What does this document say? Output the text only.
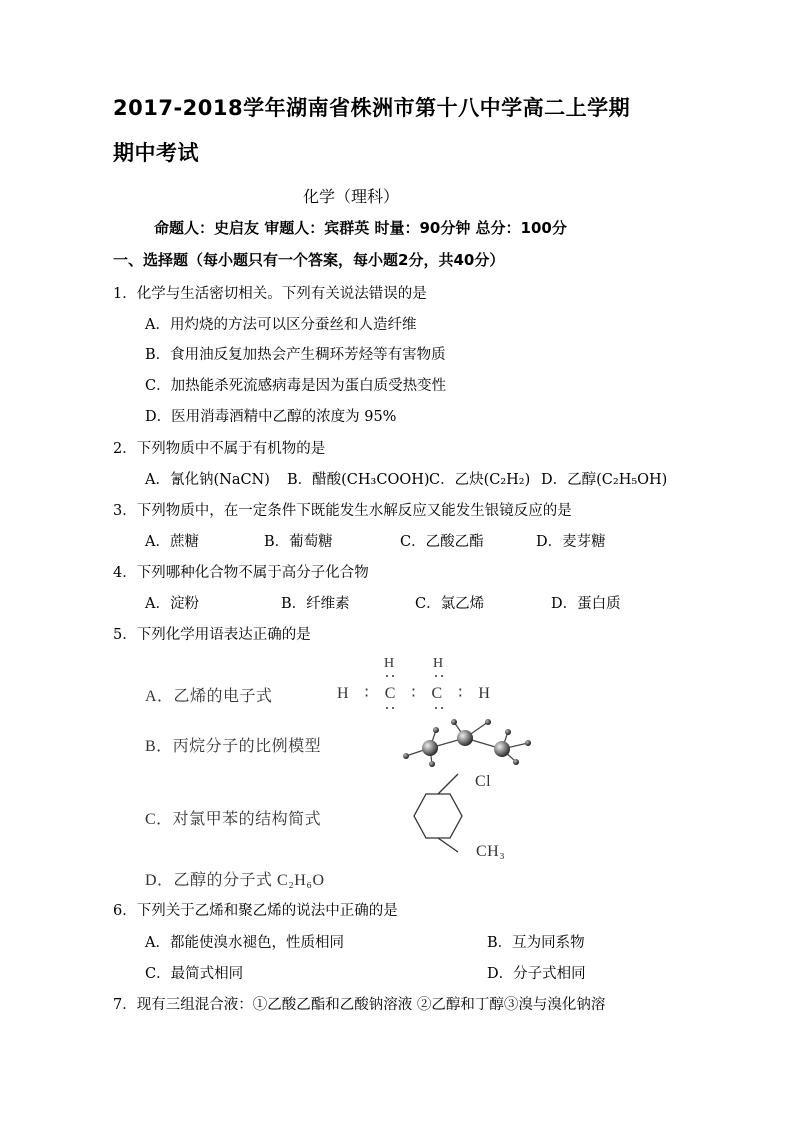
2017-2018学年湖南省株洲市第十八中学高二上学期
期中考试
化学（理科）
命题人：史启友 审题人：宾群英 时量：90分钟 总分：100分
一、选择题（每小题只有一个答案，每小题2分，共40分）
1．化学与生活密切相关。下列有关说法错误的是
A．用灼烧的方法可以区分蚕丝和人造纤维
B．食用油反复加热会产生稠环芳烃等有害物质
C．加热能杀死流感病毒是因为蛋白质受热变性
D．医用消毒酒精中乙醇的浓度为 95%
2．下列物质中不属于有机物的是
A．氰化钠(NaCN) B．醋酸(CH₃COOH) C．乙炔(C₂H₂) D．乙醇(C₂H₅OH)
3．下列物质中，在一定条件下既能发生水解反应又能发生银镜反应的是
A．蔗糖	B．葡萄糖	C．乙酸乙酯	D．麦芽糖
4．下列哪种化合物不属于高分子化合物
A．淀粉	B．纤维素	C．氯乙烯	D．蛋白质
5．下列化学用语表达正确的是
A．乙烯的电子式	H ∶ C ∶ C ∶ H
H	H
B．丙烷分子的比例模型
C．对氯甲苯的结构简式
Cl
CH₃
D．乙醇的分子式 C₂H₆O
6．下列关于乙烯和聚乙烯的说法中正确的是
A．都能使溴水褪色，性质相同	B．互为同系物
C．最简式相同	D．分子式相同
7．现有三组混合液：①乙酸乙酯和乙酸钠溶液 ②乙醇和丁醇③溴与溴化钠溶
